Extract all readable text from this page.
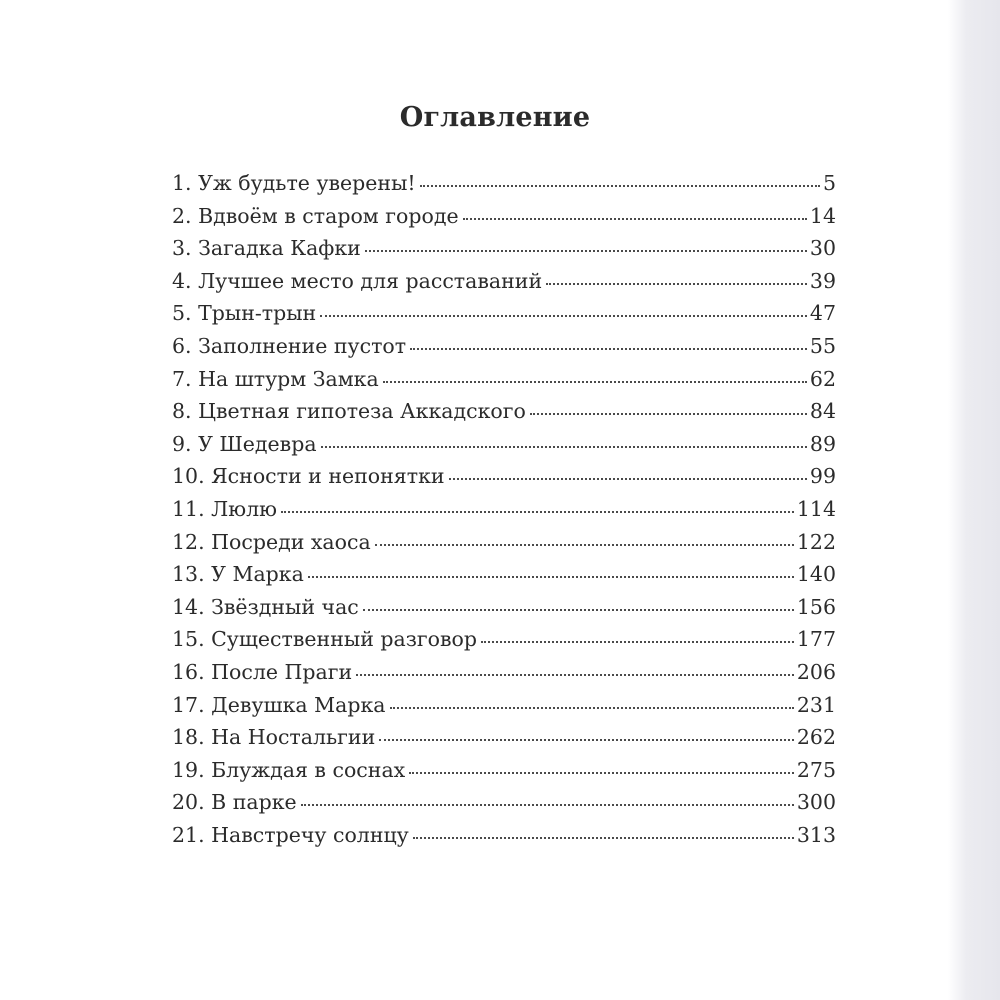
Оглавление
1. Уж будьте уверены!	5
2. Вдвоём в старом городе	14
3. Загадка Кафки	30
4. Лучшее место для расставаний	39
5. Трын-трын	47
6. Заполнение пустот	55
7. На штурм Замка	62
8. Цветная гипотеза Аккадского	84
9. У Шедевра	89
10. Ясности и непонятки	99
11. Люлю	114
12. Посреди хаоса	122
13. У Марка	140
14. Звёздный час	156
15. Существенный разговор	177
16. После Праги	206
17. Девушка Марка	231
18. На Ностальгии	262
19. Блуждая в соснах	275
20. В парке	300
21. Навстречу солнцу	313
